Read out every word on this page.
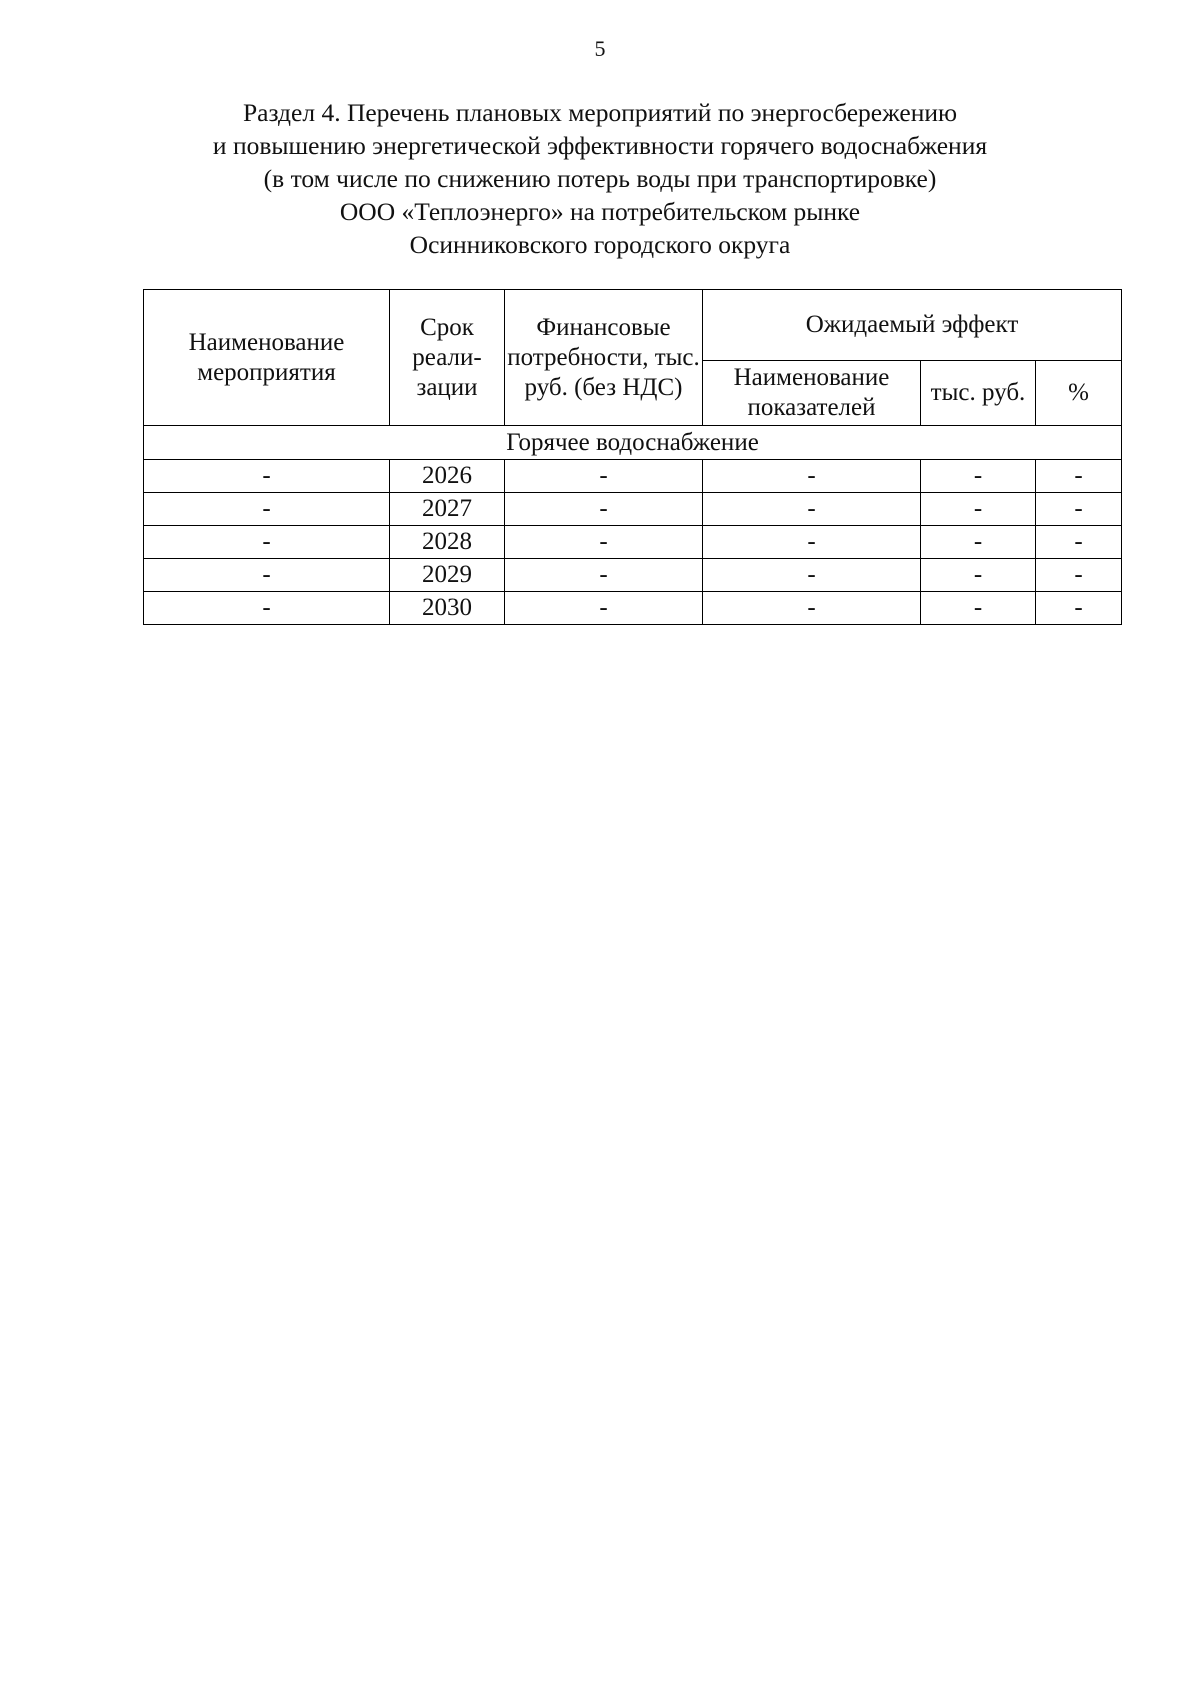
5
Раздел 4. Перечень плановых мероприятий по энергосбережению
и повышению энергетической эффективности горячего водоснабжения
(в том числе по снижению потерь воды при транспортировке)
ООО «Теплоэнерго» на потребительском рынке
Осинниковского городского округа
Наименование мероприятия	Срок реали- зации	Финансовые потребности, тыс. руб. (без НДС)	Ожидаемый эффект		
			Наименование показателей	тыс. руб.	%
Горячее водоснабжение					
-	2026	-	-	-	-
-	2027	-	-	-	-
-	2028	-	-	-	-
-	2029	-	-	-	-
-	2030	-	-	-	-
